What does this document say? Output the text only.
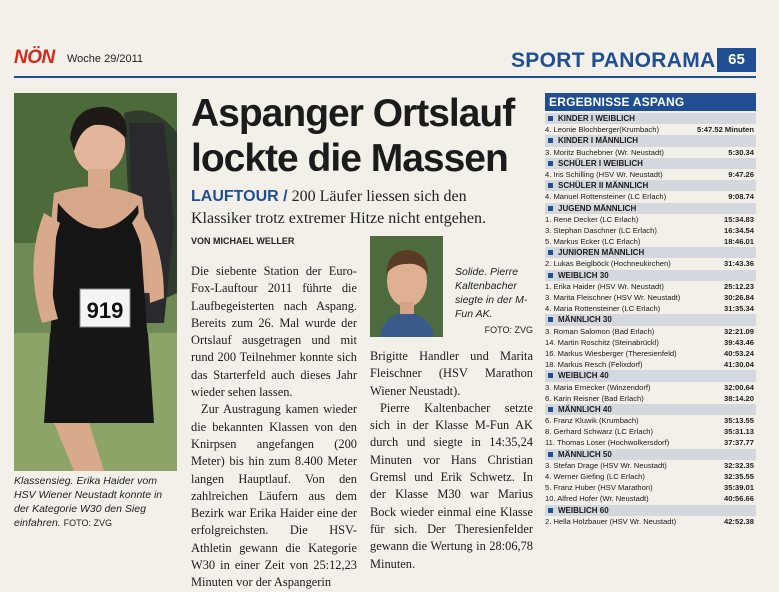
NÖN Woche 29/2011	SPORT PANORAMA 65
919
Klassensieg. Erika Haider vom HSV Wiener Neustadt konnte in der Kategorie W30 den Sieg einfahren. FOTO: ZVG
Aspanger Ortslauf
lockte die Massen
LAUFTOUR / 200 Läufer liessen sich den Klassiker trotz extremer Hitze nicht entgehen.
VON MICHAEL WELLER

Die siebente Station der Euro-Fox-Lauftour 2011 führte die Laufbegeisterten nach Aspang. Bereits zum 26. Mal wurde der Ortslauf ausgetragen und mit rund 200 Teilnehmer konnte sich das Starterfeld auch dieses Jahr wieder sehen lassen.

Zur Austragung kamen wieder die bekannten Klassen von den Knirpsen angefangen (200 Meter) bis hin zum 8.400 Meter langen Hauptlauf. Von den zahlreichen Läufern aus dem Bezirk war Erika Haider eine der erfolgreichsten. Die HSV-Athletin gewann die Kategorie W30 in einer Zeit von 25:12,23 Minuten vor der Aspangerin

Solide. Pierre Kaltenbacher siegte in der M-Fun AK.
FOTO: ZVG

Brigitte Handler und Marita Fleischner (HSV Marathon Wiener Neustadt).

Pierre Kaltenbacher setzte sich in der Klasse M-Fun AK durch und siegte in 14:35,24 Minuten vor Hans Christian Gremsl und Erik Schwetz. In der Klasse M30 war Marius Bock wieder einmal eine Klasse für sich. Der Theresienfelder gewann die Wertung in 28:06,78 Minuten.

ERGEBNISSE ASPANG
KINDER I WEIBLICH
4. Leonie Blochberger(Krumbach)	5:47.52 Minuten
KINDER I MÄNNLICH
3. Moritz Buchebner (Wr. Neustadt)	5:30.34
SCHÜLER I WEIBLICH
4. Iris Schilling (HSV Wr. Neustadt)	9:47.26
SCHÜLER II MÄNNLICH
4. Manuel Rottensteiner (LC Erlach)	9:08.74
JUGEND MÄNNLICH
1. Rene Decker (LC Erlach)	15:34.83
3. Stephan Daschner (LC Erlach)	16:34.54
5. Markus Ecker (LC Erlach)	18:46.01
JUNIOREN MÄNNLICH
2. Lukas Beiglböck (Hochneukirchen)	31:43.36
WEIBLICH 30
1. Erika Haider (HSV Wr. Neustadt)	25:12.23
3. Marita Fleischner (HSV Wr. Neustadt)	30:26.84
4. Maria Rottensteiner (LC Erlach)	31:35.34
MÄNNLICH 30
3. Roman Salomon (Bad Erlach)	32:21.09
14. Martin Roschitz (Steinabrückl)	39:43.46
16. Markus Wiesberger (Theresienfeld)	40:53.24
18. Markus Resch (Felixdorf)	41:30.04
WEIBLICH 40
3. Maria Ernecker (Winzendorf)	32:00.64
6. Karin Reisner (Bad Erlach)	38:14.20
MÄNNLICH 40
6. Franz Kluwik (Krumbach)	35:13.55
8. Gerhard Schwarz (LC Erlach)	35:31.13
11. Thomas Loser (Hochwolkersdorf)	37:37.77
MÄNNLICH 50
3. Stefan Drage (HSV Wr. Neustadt)	32:32.35
4. Werner Giefing (LC Erlach)	32:35.55
5. Franz Huber (HSV Marathon)	35:39.01
10. Alfred Hofer (Wr. Neustadt)	40:56.66
WEIBLICH 60
2. Hella Holzbauer (HSV Wr. Neustadt)	42:52.38
